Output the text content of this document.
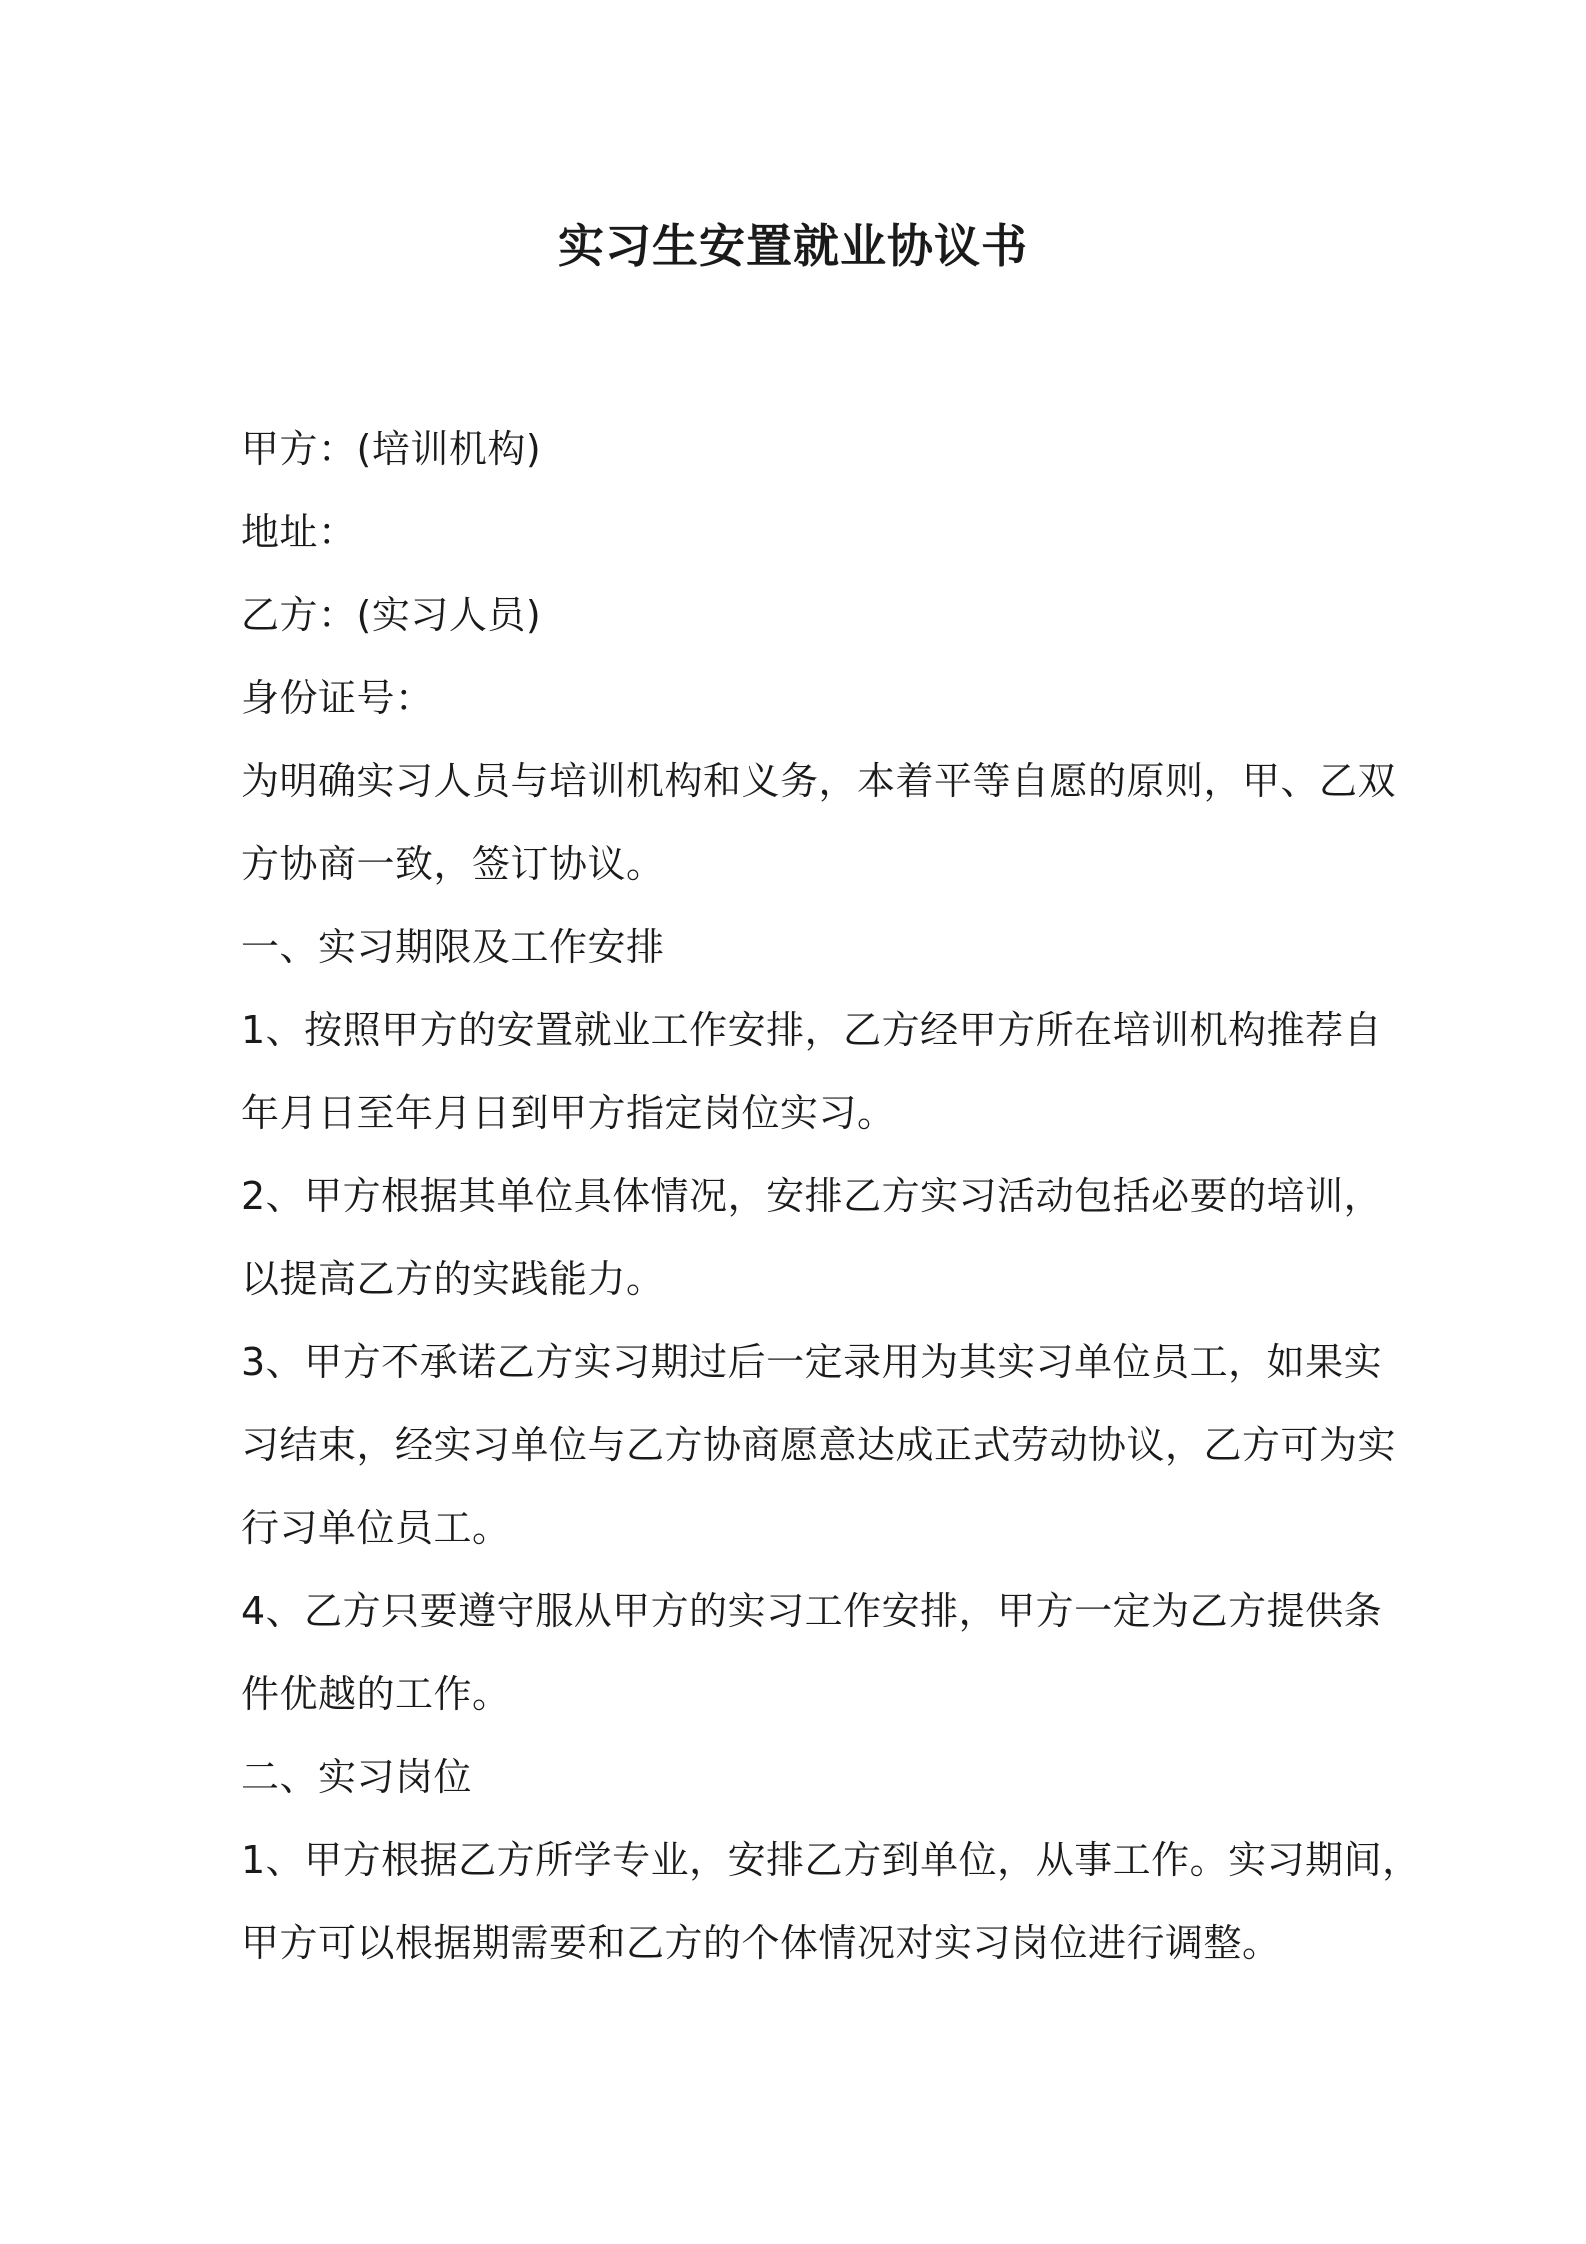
实习生安置就业协议书
甲方：(培训机构)
地址：
乙方：(实习人员)
身份证号：
为明确实习人员与培训机构和义务，本着平等自愿的原则，甲、乙双
方协商一致，签订协议。
一、实习期限及工作安排
1、按照甲方的安置就业工作安排，乙方经甲方所在培训机构推荐自
年月日至年月日到甲方指定岗位实习。
2、甲方根据其单位具体情况，安排乙方实习活动包括必要的培训，
以提高乙方的实践能力。
3、甲方不承诺乙方实习期过后一定录用为其实习单位员工，如果实
习结束，经实习单位与乙方协商愿意达成正式劳动协议，乙方可为实
行习单位员工。
4、乙方只要遵守服从甲方的实习工作安排，甲方一定为乙方提供条
件优越的工作。
二、实习岗位
1、甲方根据乙方所学专业，安排乙方到单位，从事工作。实习期间，
甲方可以根据期需要和乙方的个体情况对实习岗位进行调整。
